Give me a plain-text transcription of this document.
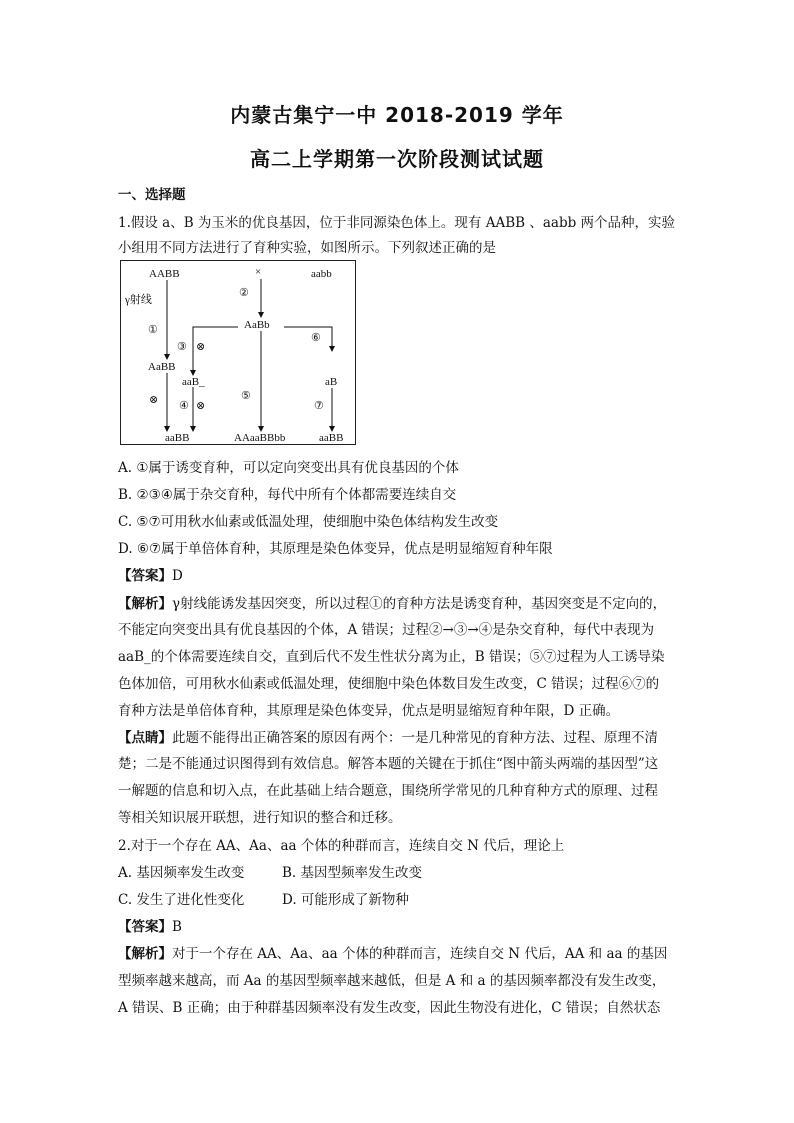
内蒙古集宁一中 2018-2019 学年
高二上学期第一次阶段测试试题
一、选择题
1.假设 a、B 为玉米的优良基因，位于非同源染色体上。现有 AABB 、aabb 两个品种，实验
小组用不同方法进行了育种实验，如图所示。下列叙述正确的是
AABB	×	aabb
γ射线
①
②
AaBb
③ ⊗
⑥
AaBB
aaB_	aB
⑤
⊗ ④ ⊗	⑦
aaBB	AAaaBBbb	aaBB
A. ①属于诱变育种，可以定向突变出具有优良基因的个体
B. ②③④属于杂交育种，每代中所有个体都需要连续自交
C. ⑤⑦可用秋水仙素或低温处理，使细胞中染色体结构发生改变
D. ⑥⑦属于单倍体育种，其原理是染色体变异，优点是明显缩短育种年限
【答案】D
【解析】γ射线能诱发基因突变，所以过程①的育种方法是诱变育种，基因突变是不定向的，
不能定向突变出具有优良基因的个体，A 错误；过程②→③→④是杂交育种，每代中表现为
aaB_的个体需要连续自交，直到后代不发生性状分离为止，B 错误；⑤⑦过程为人工诱导染
色体加倍，可用秋水仙素或低温处理，使细胞中染色体数目发生改变，C 错误；过程⑥⑦的
育种方法是单倍体育种，其原理是染色体变异，优点是明显缩短育种年限，D 正确。
【点睛】此题不能得出正确答案的原因有两个：一是几种常见的育种方法、过程、原理不清
楚；二是不能通过识图得到有效信息。解答本题的关键在于抓住“图中箭头两端的基因型”这
一解题的信息和切入点，在此基础上结合题意，围绕所学常见的几种育种方式的原理、过程
等相关知识展开联想，进行知识的整合和迁移。
2.对于一个存在 AA、Aa、aa 个体的种群而言，连续自交 N 代后，理论上
A. 基因频率发生改变	B. 基因型频率发生改变
C. 发生了进化性变化	D. 可能形成了新物种
【答案】B
【解析】对于一个存在 AA、Aa、aa 个体的种群而言，连续自交 N 代后，AA 和 aa 的基因
型频率越来越高，而 Aa 的基因型频率越来越低，但是 A 和 a 的基因频率都没有发生改变，
A 错误、B 正确；由于种群基因频率没有发生改变，因此生物没有进化，C 错误；自然状态
